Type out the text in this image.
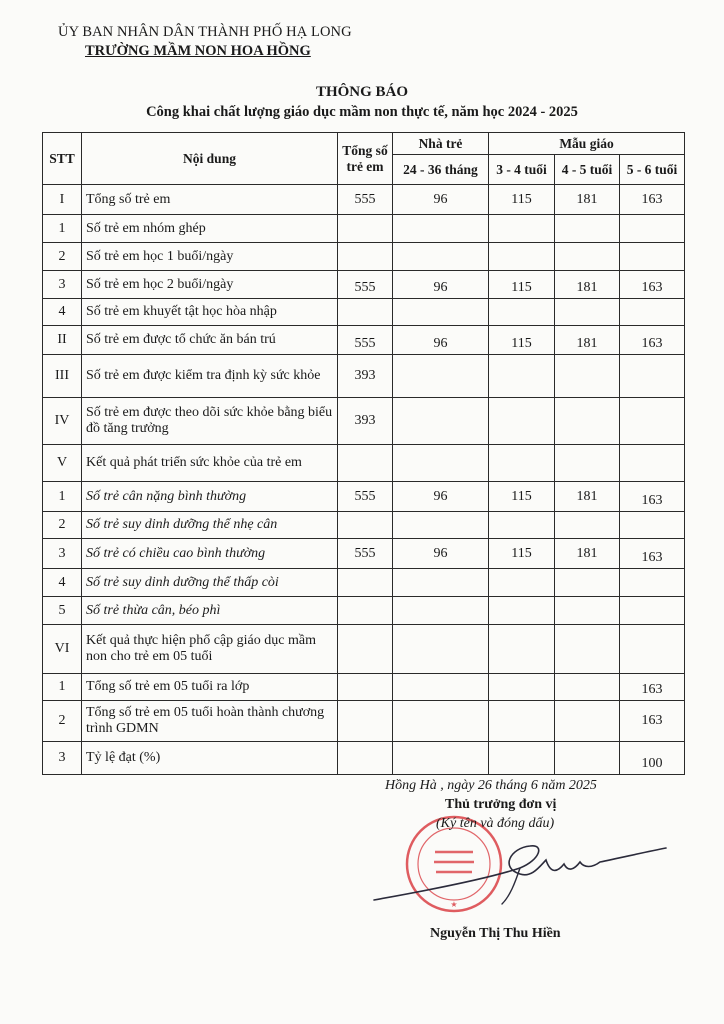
ỦY BAN NHÂN DÂN THÀNH PHỐ HẠ LONG
TRƯỜNG MẦM NON HOA HỒNG
THÔNG BÁO
Công khai chất lượng giáo dục mầm non thực tế, năm học 2024 - 2025
STT	Nội dung	Tổng số trẻ em	Nhà trẻ	Mẫu giáo		
			24 - 36 tháng	3 - 4 tuổi	4 - 5 tuổi	5 - 6 tuổi
I	Tổng số trẻ em	555	96	115	181	163
1	Số trẻ em nhóm ghép					
2	Số trẻ em học 1 buổi/ngày					
3	Số trẻ em học 2 buổi/ngày	555	96	115	181	163
4	Số trẻ em khuyết tật học hòa nhập					
II	Số trẻ em được tổ chức ăn bán trú	555	96	115	181	163
III	Số trẻ em được kiểm tra định kỳ sức khỏe	393				
IV	Số trẻ em được theo dõi sức khỏe bằng biểu đồ tăng trưởng	393				
V	Kết quả phát triển sức khỏe của trẻ em					
1	Số trẻ cân nặng bình thường	555	96	115	181	163
2	Số trẻ suy dinh dưỡng thể nhẹ cân					
3	Số trẻ có chiều cao bình thường	555	96	115	181	163
4	Số trẻ suy dinh dưỡng thể thấp còi					
5	Số trẻ thừa cân, béo phì					
VI	Kết quả thực hiện phổ cập giáo dục mầm non cho trẻ em 05 tuổi					
1	Tổng số trẻ em 05 tuổi ra lớp					163
2	Tổng số trẻ em 05 tuổi hoàn thành chương trình GDMN					163
3	Tỷ lệ đạt (%)					100
Hồng Hà , ngày 26 tháng 6 năm 2025
Thủ trưởng đơn vị
★
(Ký tên và đóng dấu)
Nguyễn Thị Thu Hiền
